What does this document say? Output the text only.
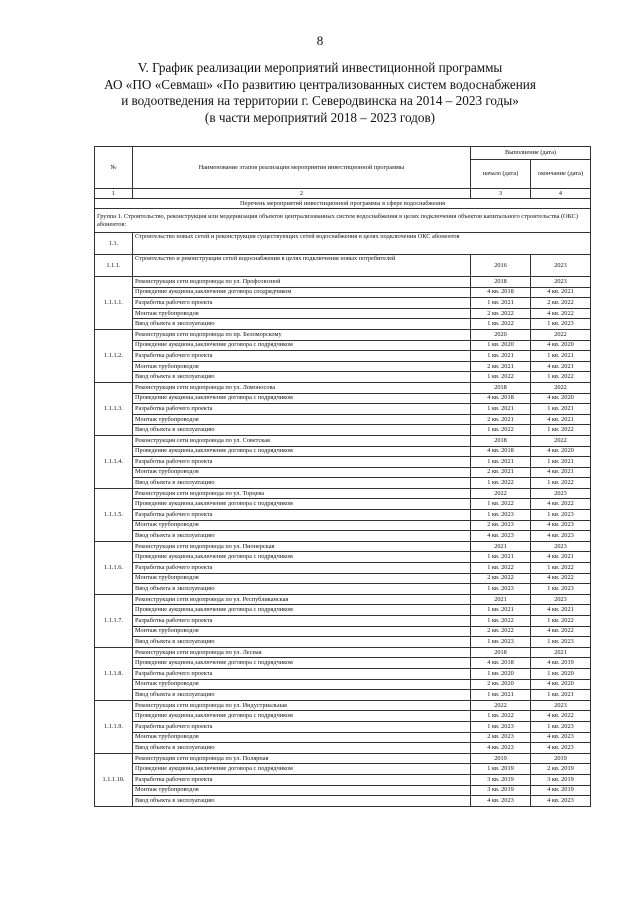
8
V. График реализации мероприятий инвестиционной программы
АО «ПО «Севмаш» «По развитию централизованных систем водоснабжения
и водоотведения на территории г. Северодвинска на 2014 – 2023 годы»
(в части мероприятий 2018 – 2023 годов)
№	Наименование этапов реализации мероприятия инвестиционной программы	Выполнение (дата)	
		начало (дата)	окончание (дата)
1	2	3	4
Перечень мероприятий инвестиционной программы в сфере водоснабжения			
Группа 1. Строительство, реконструкция или модернизация объектов централизованных систем водоснабжения в целях подключения объектов капитального строительства (ОКС) абонентов:			
1.1.	Строительство новых сетей и реконструкция существующих сетей водоснабжения в целях подключения ОКС абонентов		
1.1.1.	Строительство и реконструкция сетей водоснабжения в целях подключения новых потребителей	2016	2023
1.1.1.1.	Реконструкция сети водопровода по ул. Профсоюзной	2018	2023
	Проведение аукциона,заключение договора сподрядчиком	4 кв. 2018	4 кв. 2021
	Разработка рабочего проекта	1 кв. 2021	2 кв. 2022
	Монтаж трубопроводов	2 кв. 2022	4 кв. 2022
	Ввод объекта в эксплуатацию	1 кв. 2022	1 кв. 2023
1.1.1.2.	Реконструкция сети водопровода по пр. Беломорскому	2020	2022
	Проведение аукциона,заключение договора с подрядчиком	1 кв. 2020	4 кв. 2020
	Разработка рабочего проекта	1 кв. 2021	1 кв. 2021
	Монтаж трубопроводов	2 кв. 2021	4 кв. 2021
	Ввод объекта в эксплуатацию	1 кв. 2022	1 кв. 2022
1.1.1.3.	Реконструкция сети водопровода по ул. Ломоносова	2018	2022
	Проведение аукциона,заключение договора с подрядчиком	4 кв. 2018	4 кв. 2020
	Разработка рабочего проекта	1 кв. 2021	1 кв. 2021
	Монтаж трубопроводов	2 кв. 2021	4 кв. 2021
	Ввод объекта в эксплуатацию	1 кв. 2022	1 кв. 2022
1.1.1.4.	Реконструкция сети водопровода по ул. Советская	2018	2022
	Проведение аукциона,заключение договора с подрядчиком	4 кв. 2018	4 кв. 2020
	Разработка рабочего проекта	1 кв. 2021	1 кв. 2021
	Монтаж трубопроводов	2 кв. 2021	4 кв. 2021
	Ввод объекта в эксплуатацию	1 кв. 2022	1 кв. 2022
1.1.1.5.	Реконструкция сети водопровода по ул. Торцева	2022	2023
	Проведение аукциона,заключение договора с подрядчиком	1 кв. 2022	4 кв. 2022
	Разработка рабочего проекта	1 кв. 2023	1 кв. 2023
	Монтаж трубопроводов	2 кв. 2023	4 кв. 2023
	Ввод объекта в эксплуатацию	4 кв. 2023	4 кв. 2023
1.1.1.6.	Реконструкция сети водопровода по ул. Пионерская	2021	2023
	Проведение аукциона,заключение договора с подрядчиком	1 кв. 2021	4 кв. 2021
	Разработка рабочего проекта	1 кв. 2022	1 кв. 2022
	Монтаж трубопроводов	2 кв. 2022	4 кв. 2022
	Ввод объекта в эксплуатацию	1 кв. 2023	1 кв. 2023
1.1.1.7.	Реконструкция сети водопровода по ул. Республиканская	2021	2023
	Проведение аукциона,заключение договора с подрядчиком	1 кв. 2021	4 кв. 2021
	Разработка рабочего проекта	1 кв. 2022	1 кв. 2022
	Монтаж трубопроводов	2 кв. 2022	4 кв. 2022
	Ввод объекта в эксплуатацию	1 кв. 2023	1 кв. 2023
1.1.1.8.	Реконструкция сети водопровода по ул. Лесная	2018	2021
	Проведение аукциона,заключение договора с подрядчиком	4 кв. 2018	4 кв. 2019
	Разработка рабочего проекта	1 кв. 2020	1 кв. 2020
	Монтаж трубопроводов	2 кв. 2020	4 кв. 2020
	Ввод объекта в эксплуатацию	1 кв. 2021	1 кв. 2021
1.1.1.9.	Реконструкция сети водопровода по ул. Индустриальная	2022	2023
	Проведение аукциона,заключение договора с подрядчиком	1 кв. 2022	4 кв. 2022
	Разработка рабочего проекта	1 кв. 2023	1 кв. 2023
	Монтаж трубопроводов	2 кв. 2023	4 кв. 2023
	Ввод объекта в эксплуатацию	4 кв. 2023	4 кв. 2023
1.1.1.10.	Реконструкция сети водопровода по ул. Полярная	2019	2019
	Проведение аукциона,заключение договора с подрядчиком	1 кв. 2019	2 кв. 2019
	Разработка рабочего проекта	3 кв. 2019	3 кв. 2019
	Монтаж трубопроводов	3 кв. 2019	4 кв. 2019
	Ввод объекта в эксплуатацию	4 кв. 2023	4 кв. 2023
